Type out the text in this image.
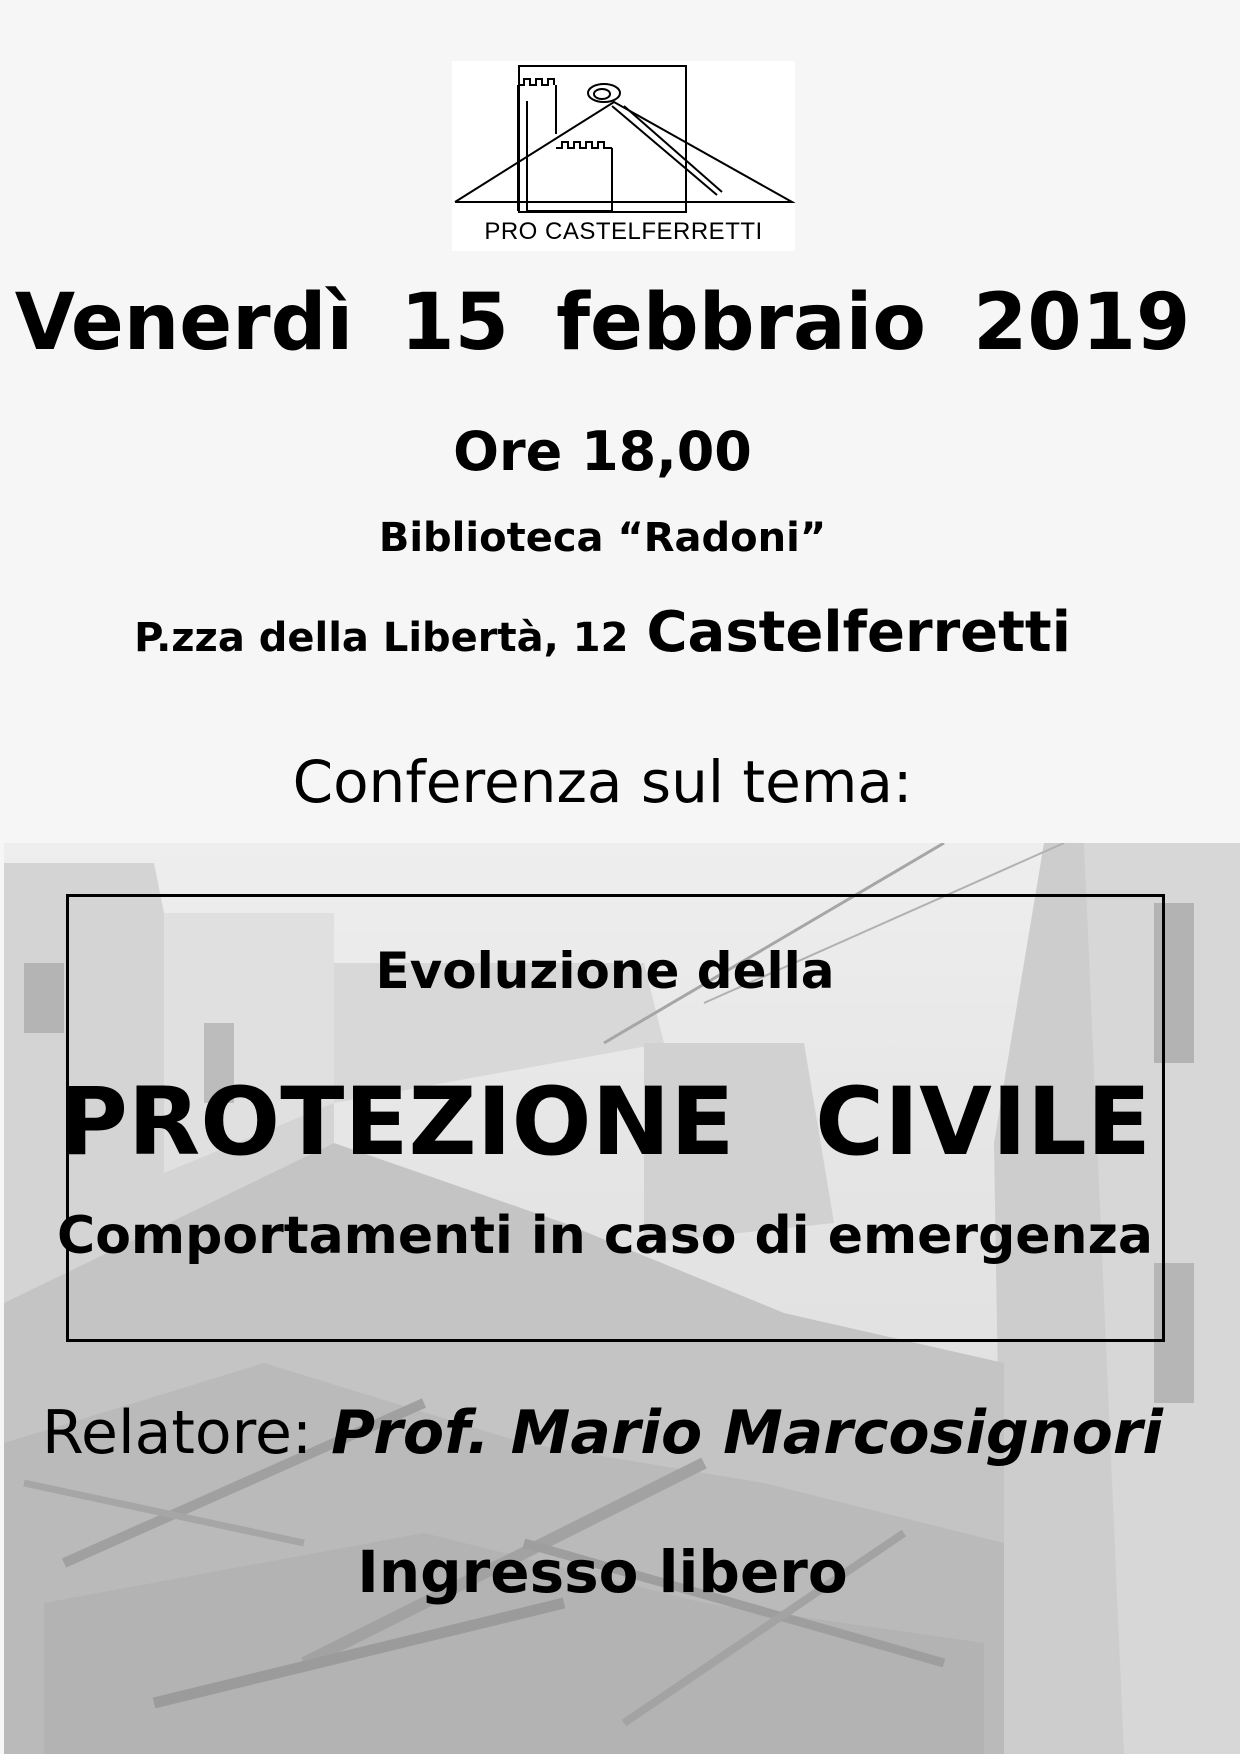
PRO CASTELFERRETTI
Venerdì 15 febbraio 2019
Ore 18,00
Biblioteca “Radoni”
P.zza della Libertà, 12 Castelferretti
Conferenza sul tema:
Evoluzione della
PROTEZIONE CIVILE
Comportamenti in caso di emergenza
Relatore: Prof. Mario Marcosignori
Ingresso libero
